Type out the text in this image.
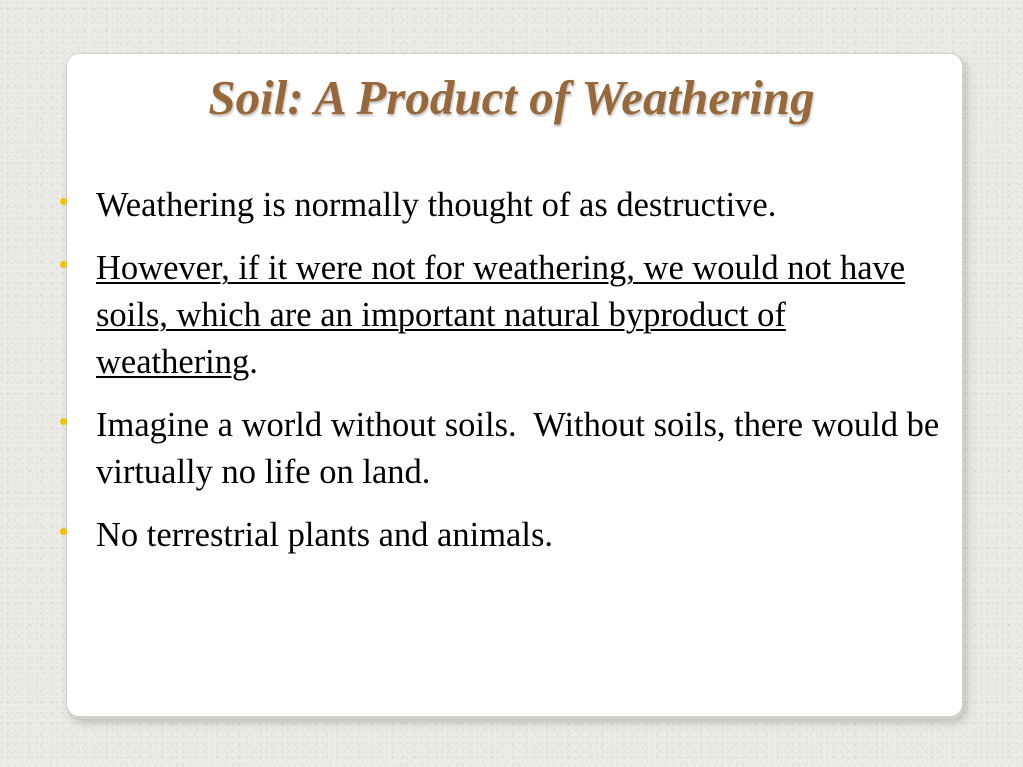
Soil: A Product of Weathering
Weathering is normally thought of as destructive.
However, if it were not for weathering, we would not have soils, which are an important natural byproduct of weathering.
Imagine a world without soils.  Without soils, there would be virtually no life on land.
No terrestrial plants and animals.
